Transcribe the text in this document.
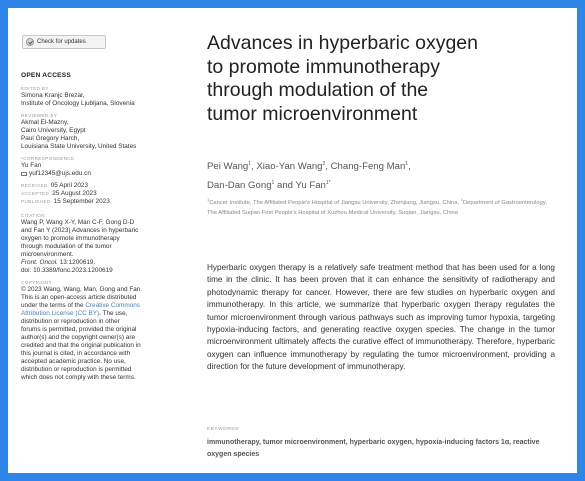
Check for updates
OPEN ACCESS
EDITED BY
Simona Kranjc Brezar,
Institute of Oncology Ljubljana, Slovenia
REVIEWED BY
Akmal El-Mazny,
Cairo University, Egypt
Paul Gregory Harch,
Louisiana State University, United States
*CORRESPONDENCE
Yu Fan
yuf12345@ujs.edu.cn
RECEIVED 05 April 2023
ACCEPTED 25 August 2023
PUBLISHED 15 September 2023
CITATION
Wang P, Wang X-Y, Man C-F, Gong D-D
and Fan Y (2023) Advances in hyperbaric
oxygen to promote immunotherapy
through modulation of the tumor
microenvironment.
Front. Oncol. 13:1200619.
doi: 10.3389/fonc.2023.1200619
COPYRIGHT
© 2023 Wang, Wang, Man, Gong and Fan.
This is an open-access article distributed
under the terms of the Creative Commons
Attribution License (CC BY). The use,
distribution or reproduction in other
forums is permitted, provided the original
author(s) and the copyright owner(s) are
credited and that the original publication in
this journal is cited, in accordance with
accepted academic practice. No use,
distribution or reproduction is permitted
which does not comply with these terms.
Advances in hyperbaric oxygen
to promote immunotherapy
through modulation of the
tumor microenvironment
Pei Wang$^1$, Xiao-Yan Wang$^2$, Chang-Feng Man$^1$,
Dan-Dan Gong$^1$ and Yu Fan$^{1*}$
$^1$Cancer Institute, The Affiliated People's Hospital of Jiangsu University, Zhenjiang, Jiangsu, China, $^2$Department of Gastroenterology, The Affiliated Suqian First People's Hospital of Xuzhou Medical University, Suqian, Jiangsu, China
Hyperbaric oxygen therapy is a relatively safe treatment method that has been used for a long time in the clinic. It has been proven that it can enhance the sensitivity of radiotherapy and photodynamic therapy for cancer. However, there are few studies on hyperbaric oxygen and immunotherapy. In this article, we summarize that hyperbaric oxygen therapy regulates the tumor microenvironment through various pathways such as improving tumor hypoxia, targeting hypoxia-inducing factors, and generating reactive oxygen species. The change in the tumor microenvironment ultimately affects the curative effect of immunotherapy. Therefore, hyperbaric oxygen can influence immunotherapy by regulating the tumor microenvironment, providing a direction for the future development of immunotherapy.
KEYWORDS
immunotherapy, tumor microenvironment, hyperbaric oxygen, hypoxia-inducing factors 1α, reactive oxygen species
